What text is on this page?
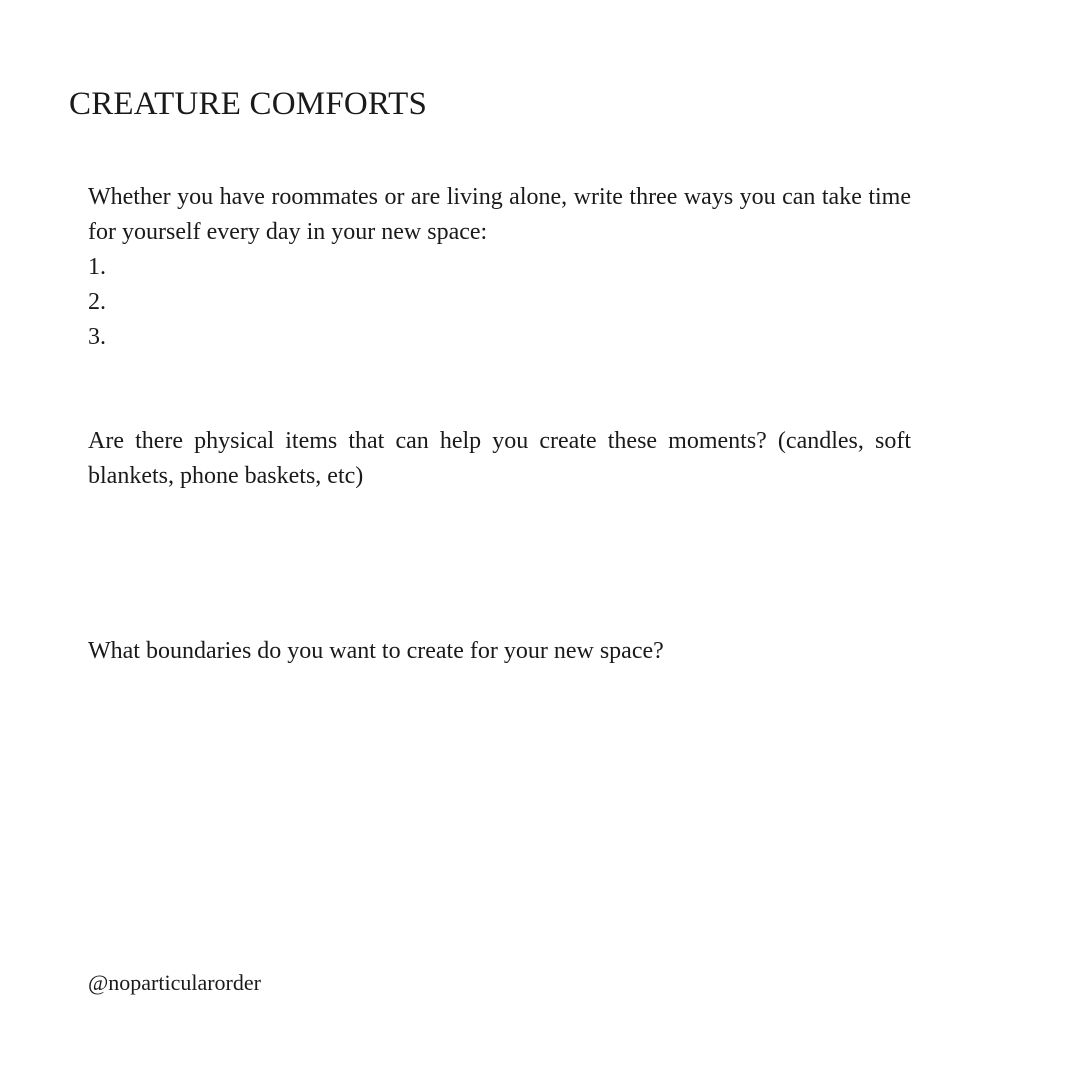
CREATURE COMFORTS

Whether you have roommates or are living alone, write three ways you can take time for yourself every day in your new space:

1.
2.
3.

Are there physical items that can help you create these moments? (candles, soft blankets, phone baskets, etc)

What boundaries do you want to create for your new space?

@noparticularorder
